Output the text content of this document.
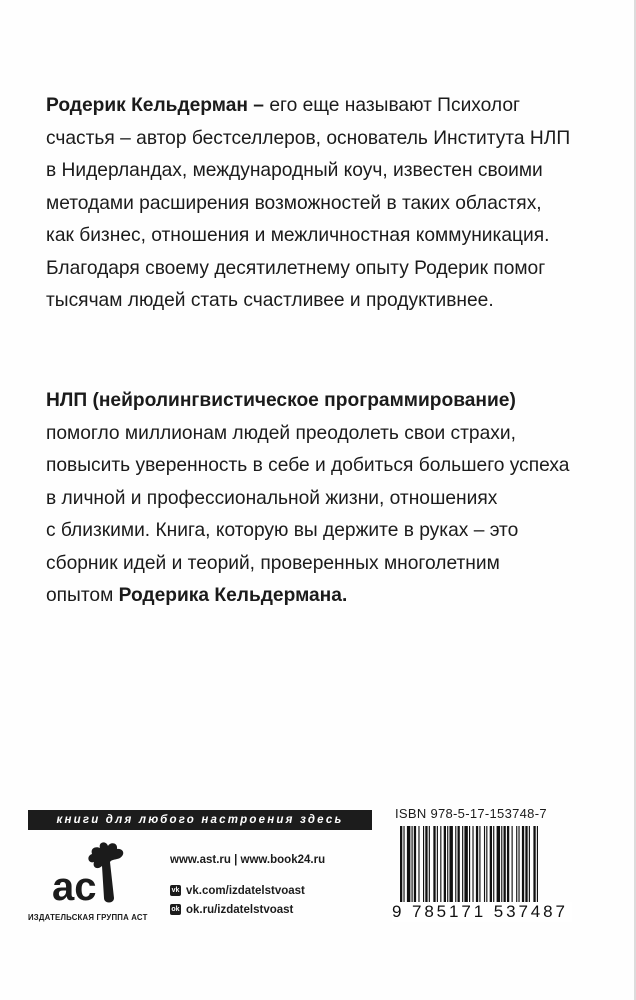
Родерик Кельдерман – его еще называют Психолог
счастья – автор бестселлеров, основатель Института НЛП
в Нидерландах, международный коуч, известен своими
методами расширения возможностей в таких областях,
как бизнес, отношения и межличностная коммуникация.
Благодаря своему десятилетнему опыту Родерик помог
тысячам людей стать счастливее и продуктивнее.
НЛП (нейролингвистическое программирование)
помогло миллионам людей преодолеть свои страхи,
повысить уверенность в себе и добиться большего успеха
в личной и профессиональной жизни, отношениях
с близкими. Книга, которую вы держите в руках – это
сборник идей и теорий, проверенных многолетним
опытом Родерика Кельдермана.
книги для любого настроения здесь
ac
ИЗДАТЕЛЬСКАЯ ГРУППА АСТ
www.ast.ru | www.book24.ru
vk vk.com/izdatelstvoast
ok ok.ru/izdatelstvoast
ISBN 978-5-17-153748-7
9 785171 537487
